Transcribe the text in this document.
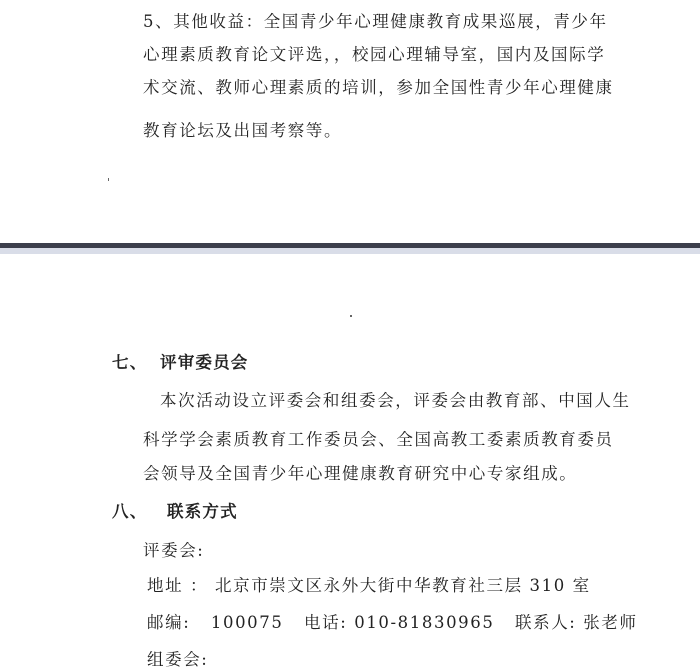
5、其他收益：全国青少年心理健康教育成果巡展，青少年
心理素质教育论文评选，，校园心理辅导室，国内及国际学
术交流、教师心理素质的培训，参加全国性青少年心理健康
教育论坛及出国考察等。
七、 评审委员会
本次活动设立评委会和组委会，评委会由教育部、中国人生
科学学会素质教育工作委员会、全国高教工委素质教育委员
会领导及全国青少年心理健康教育研究中心专家组成。
八、 联系方式
评委会:
地址 ： 北京市崇文区永外大街中华教育社三层 310 室
邮编:   100075   电话: 010-81830965   联系人: 张老师
组委会:
